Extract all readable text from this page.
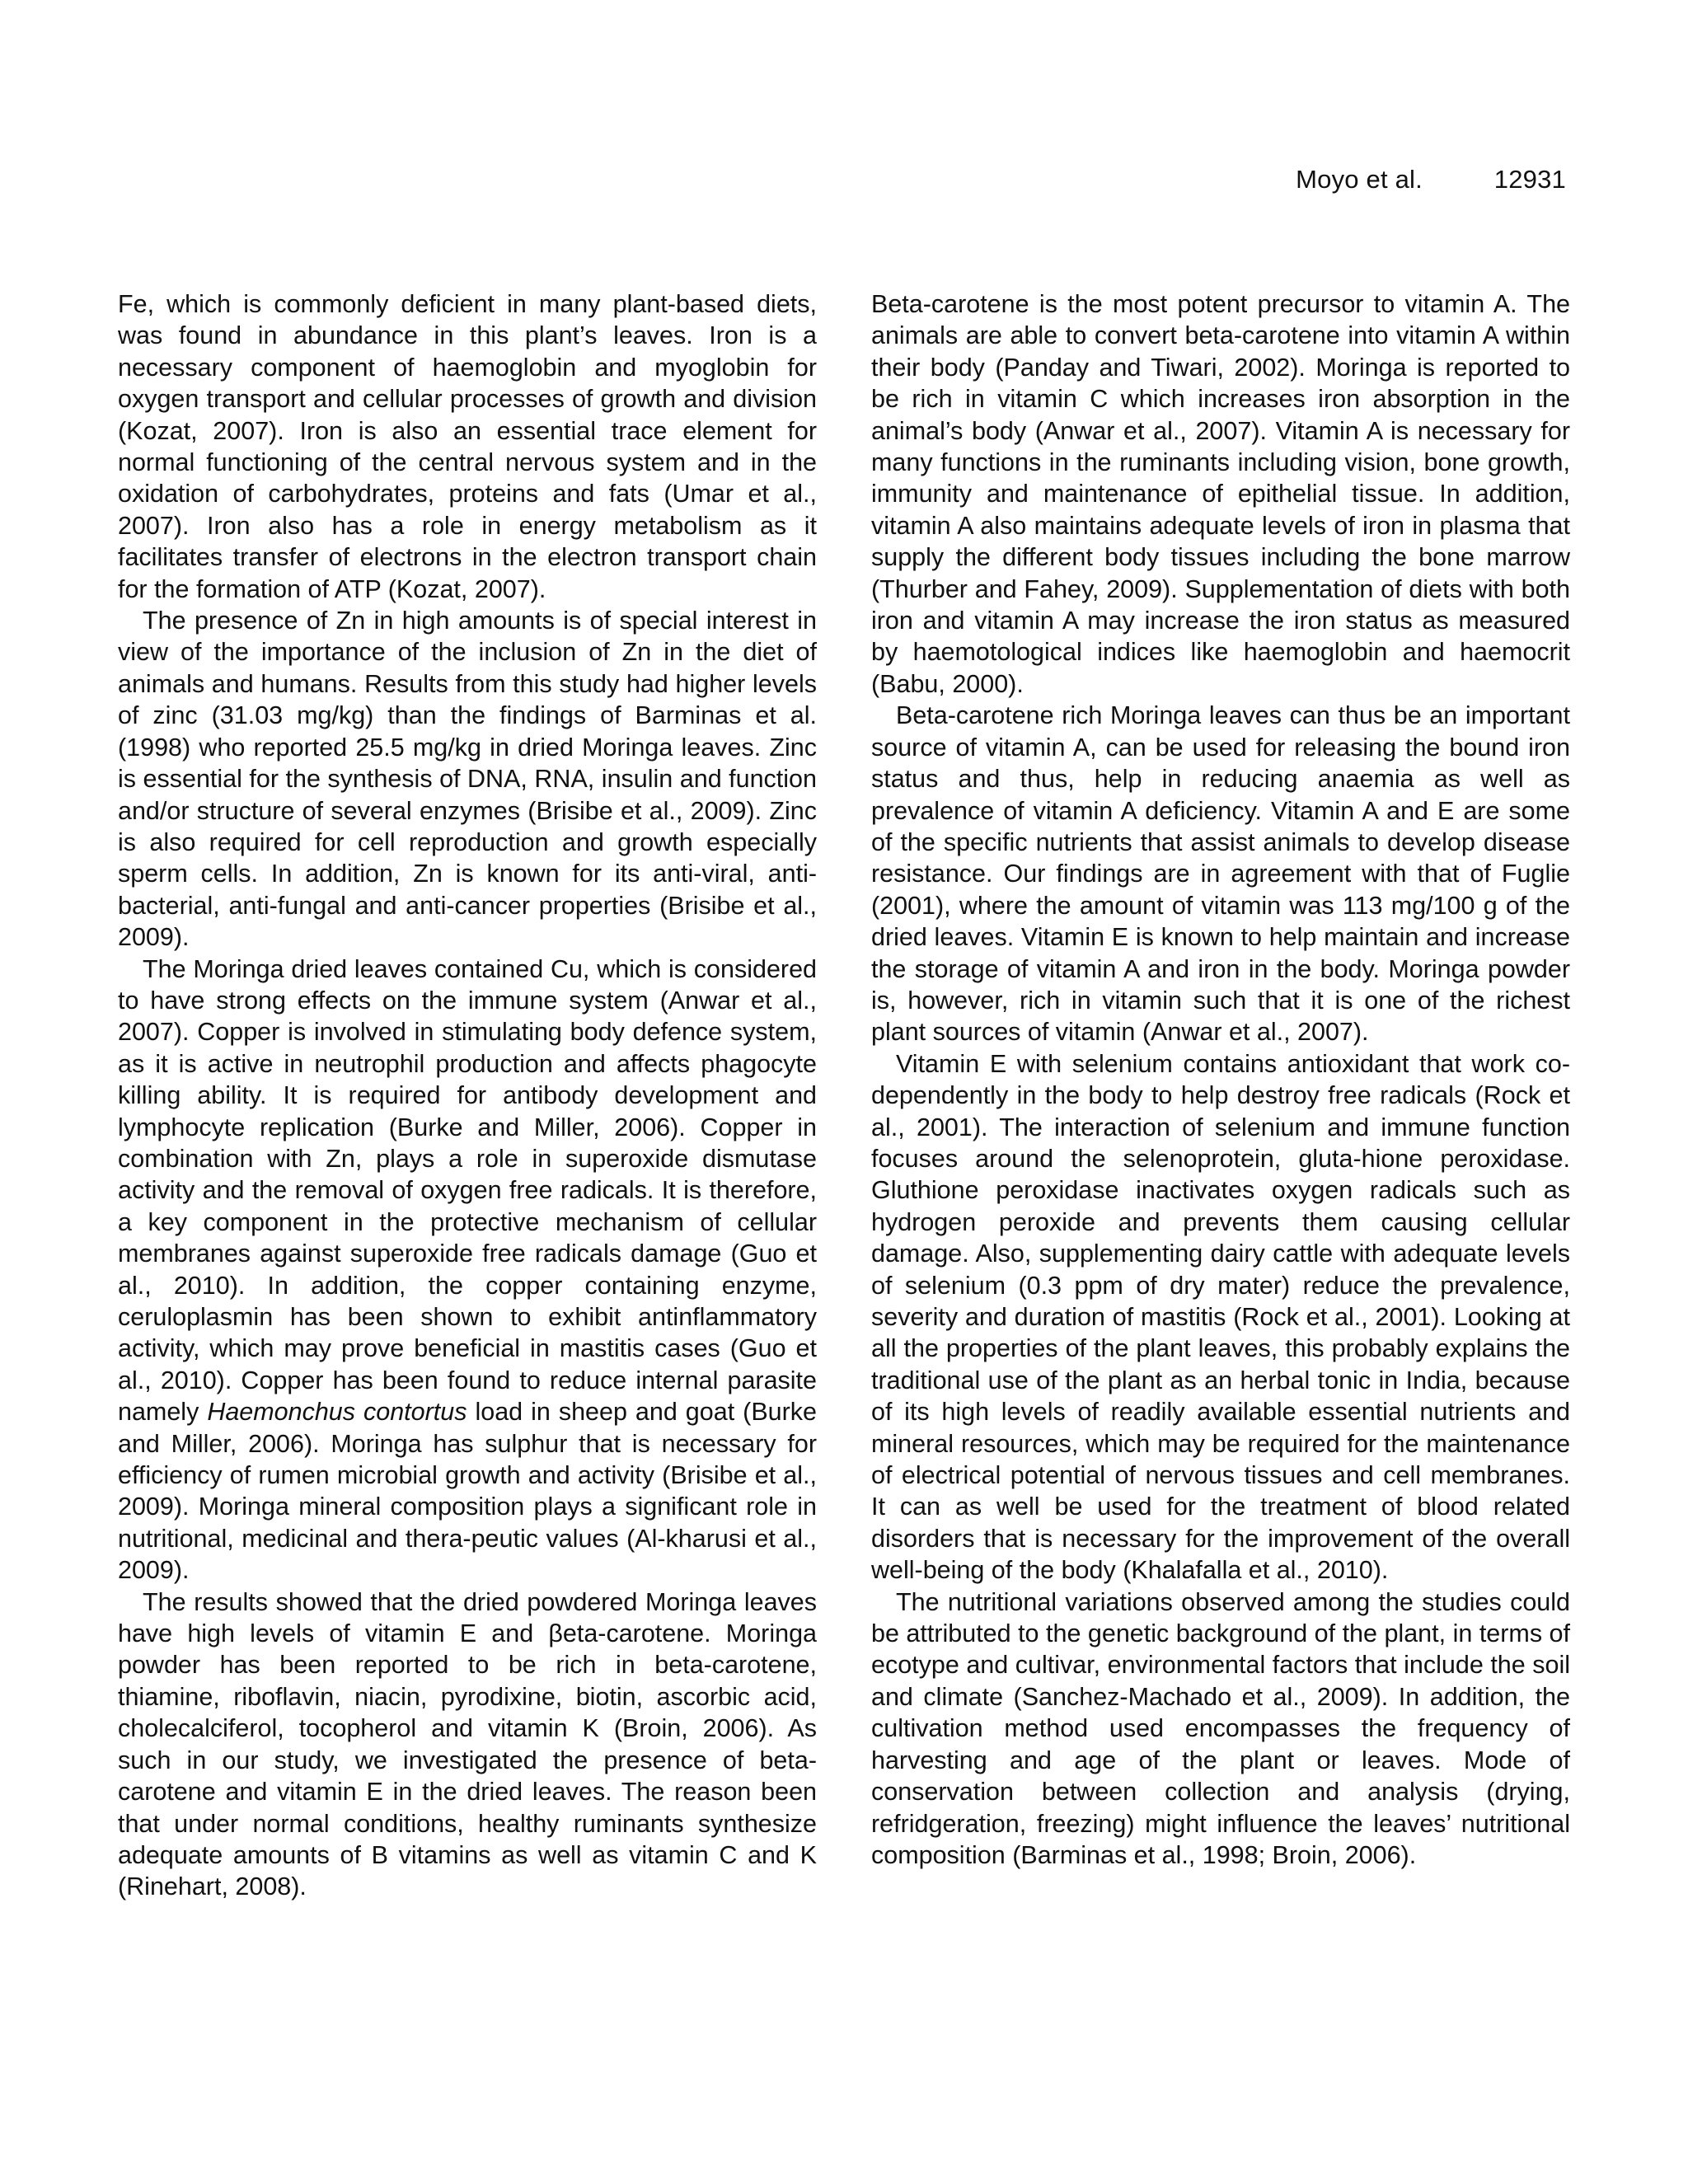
Moyo et al.	12931

Fe, which is commonly deficient in many plant-based diets, was found in abundance in this plant’s leaves. Iron is a necessary component of haemoglobin and myoglobin for oxygen transport and cellular processes of growth and division (Kozat, 2007). Iron is also an essential trace element for normal functioning of the central nervous system and in the oxidation of carbohydrates, proteins and fats (Umar et al., 2007). Iron also has a role in energy metabolism as it facilitates transfer of electrons in the electron transport chain for the formation of ATP (Kozat, 2007).

The presence of Zn in high amounts is of special interest in view of the importance of the inclusion of Zn in the diet of animals and humans. Results from this study had higher levels of zinc (31.03 mg/kg) than the findings of Barminas et al. (1998) who reported 25.5 mg/kg in dried Moringa leaves. Zinc is essential for the synthesis of DNA, RNA, insulin and function and/or structure of several enzymes (Brisibe et al., 2009). Zinc is also required for cell reproduction and growth especially sperm cells. In addition, Zn is known for its anti-viral, anti-bacterial, anti-fungal and anti-cancer properties (Brisibe et al., 2009).

The Moringa dried leaves contained Cu, which is considered to have strong effects on the immune system (Anwar et al., 2007). Copper is involved in stimulating body defence system, as it is active in neutrophil production and affects phagocyte killing ability. It is required for antibody development and lymphocyte replication (Burke and Miller, 2006). Copper in combination with Zn, plays a role in superoxide dismutase activity and the removal of oxygen free radicals. It is therefore, a key component in the protective mechanism of cellular membranes against superoxide free radicals damage (Guo et al., 2010). In addition, the copper containing enzyme, ceruloplasmin has been shown to exhibit antinflammatory activity, which may prove beneficial in mastitis cases (Guo et al., 2010). Copper has been found to reduce internal parasite namely Haemonchus contortus load in sheep and goat (Burke and Miller, 2006). Moringa has sulphur that is necessary for efficiency of rumen microbial growth and activity (Brisibe et al., 2009). Moringa mineral composition plays a significant role in nutritional, medicinal and thera-peutic values (Al-kharusi et al., 2009).

The results showed that the dried powdered Moringa leaves have high levels of vitamin E and βeta-carotene. Moringa powder has been reported to be rich in beta-carotene, thiamine, riboflavin, niacin, pyrodixine, biotin, ascorbic acid, cholecalciferol, tocopherol and vitamin K (Broin, 2006). As such in our study, we investigated the presence of beta-carotene and vitamin E in the dried leaves. The reason been that under normal conditions, healthy ruminants synthesize adequate amounts of B vitamins as well as vitamin C and K (Rinehart, 2008).

Beta-carotene is the most potent precursor to vitamin A. The animals are able to convert beta-carotene into vitamin A within their body (Panday and Tiwari, 2002). Moringa is reported to be rich in vitamin C which increases iron absorption in the animal’s body (Anwar et al., 2007). Vitamin A is necessary for many functions in the ruminants including vision, bone growth, immunity and maintenance of epithelial tissue. In addition, vitamin A also maintains adequate levels of iron in plasma that supply the different body tissues including the bone marrow (Thurber and Fahey, 2009). Supplementation of diets with both iron and vitamin A may increase the iron status as measured by haemotological indices like haemoglobin and haemocrit (Babu, 2000).

Beta-carotene rich Moringa leaves can thus be an important source of vitamin A, can be used for releasing the bound iron status and thus, help in reducing anaemia as well as prevalence of vitamin A deficiency. Vitamin A and E are some of the specific nutrients that assist animals to develop disease resistance. Our findings are in agreement with that of Fuglie (2001), where the amount of vitamin was 113 mg/100 g of the dried leaves. Vitamin E is known to help maintain and increase the storage of vitamin A and iron in the body. Moringa powder is, however, rich in vitamin such that it is one of the richest plant sources of vitamin (Anwar et al., 2007).

Vitamin E with selenium contains antioxidant that work co-dependently in the body to help destroy free radicals (Rock et al., 2001). The interaction of selenium and immune function focuses around the selenoprotein, gluta-hione peroxidase. Gluthione peroxidase inactivates oxygen radicals such as hydrogen peroxide and prevents them causing cellular damage. Also, supplementing dairy cattle with adequate levels of selenium (0.3 ppm of dry mater) reduce the prevalence, severity and duration of mastitis (Rock et al., 2001). Looking at all the properties of the plant leaves, this probably explains the traditional use of the plant as an herbal tonic in India, because of its high levels of readily available essential nutrients and mineral resources, which may be required for the maintenance of electrical potential of nervous tissues and cell membranes. It can as well be used for the treatment of blood related disorders that is necessary for the improvement of the overall well-being of the body (Khalafalla et al., 2010).

The nutritional variations observed among the studies could be attributed to the genetic background of the plant, in terms of ecotype and cultivar, environmental factors that include the soil and climate (Sanchez-Machado et al., 2009). In addition, the cultivation method used encompasses the frequency of harvesting and age of the plant or leaves. Mode of conservation between collection and analysis (drying, refridgeration, freezing) might influence the leaves’ nutritional composition (Barminas et al., 1998; Broin, 2006).
